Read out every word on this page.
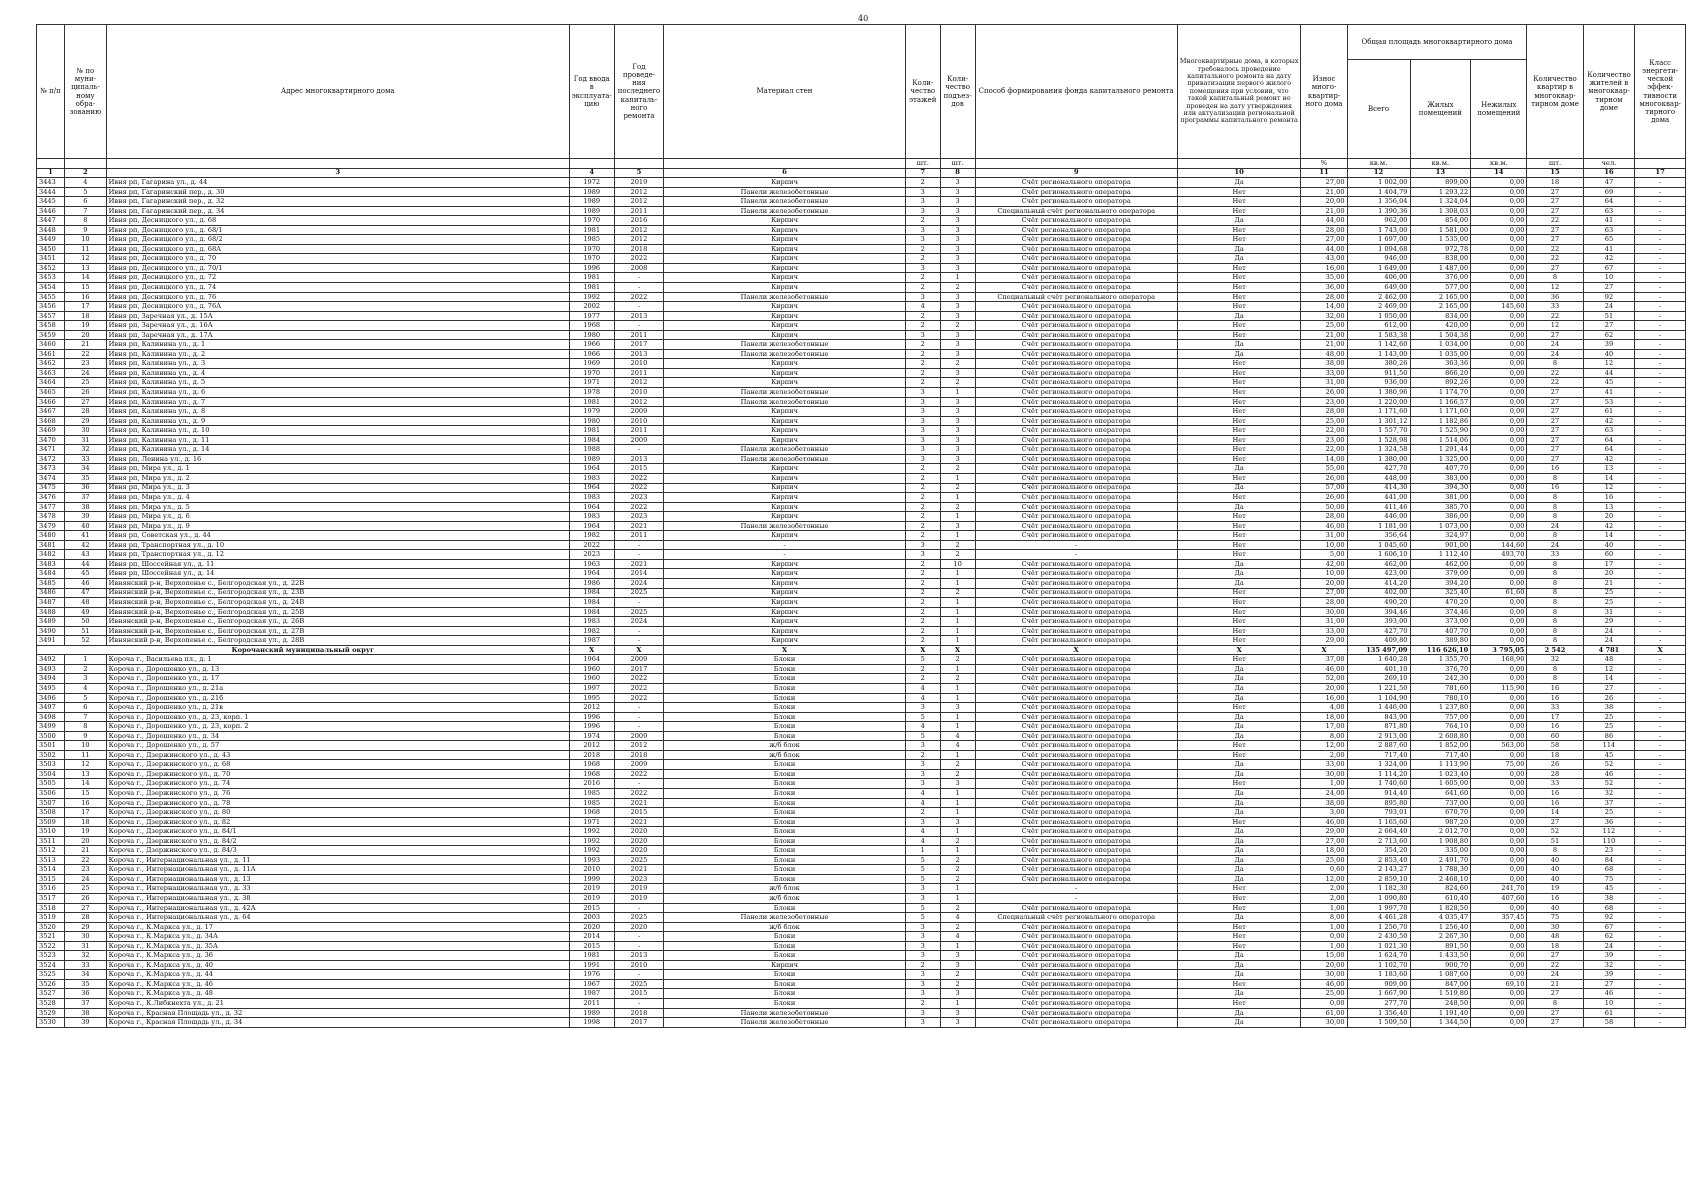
40
№ п/п	№ по муни-ципаль-ному обра-зованию	Адрес многоквартирного дома	Год ввода в эксплуата-цию	Год проведе-ния последнего капиталь-ного ремонта	Материал стен	Коли-чество этажей	Коли-чество подъез-дов	Способ формирования фонда капитального ремонта	Многоквартирные дома, в которых требовалось проведение капитального ремонта на дату приватизации первого жилого помещения при условии, что такой капитальный ремонт не проведен на дату утверждения или актуализации региональной программы капитального ремонта	Износ много-квартир-ного дома	Общая площадь многоквартирного дома			Количество квартир в многоквар-тирном доме	Количество жителей в многоквар-тирном доме	Класс энергети-ческой эффек-тивности многоквар-тирного дома
											Всего	Жилых помещений	Нежилых помещений			
						шт.	шт.			%	кв.м.	кв.м.	кв.м.	шт.	чел.	
1	2	3	4	5	6	7	8	9	10	11	12	13	14	15	16	17
3443	4	Ивня рп, Гагарина ул., д. 44	1972	2019	Кирпич	2	3	Счёт регионального оператора	Да	27,00	1 002,00	899,00	0,00	18	47	-
3444	5	Ивня рп, Гагаринский пер., д. 30	1989	2012	Панели железобетонные	3	3	Счёт регионального оператора	Нет	21,00	1 404,79	1 293,22	0,00	27	69	-
3445	6	Ивня рп, Гагаринский пер., д. 32	1989	2012	Панели железобетонные	3	3	Счёт регионального оператора	Нет	20,00	1 356,04	1 324,04	0,00	27	64	-
3446	7	Ивня рп, Гагаринский пер., д. 34	1989	2011	Панели железобетонные	3	3	Специальный счёт регионального оператора	Нет	21,00	1 390,36	1 308,03	0,00	27	63	-
3447	8	Ивня рп, Десницкого ул., д. 68	1970	2016	Кирпич	2	3	Счёт регионального оператора	Да	44,00	962,00	854,00	0,00	22	41	-
3448	9	Ивня рп, Десницкого ул., д. 68/1	1981	2012	Кирпич	3	3	Счёт регионального оператора	Нет	28,00	1 743,00	1 581,00	0,00	27	63	-
3449	10	Ивня рп, Десницкого ул., д. 68/2	1985	2012	Кирпич	3	3	Счёт регионального оператора	Нет	27,00	1 697,00	1 535,00	0,00	27	65	-
3450	11	Ивня рп, Десницкого ул., д. 68А	1970	2018	Кирпич	2	3	Счёт регионального оператора	Да	44,00	1 094,68	972,78	0,00	22	41	-
3451	12	Ивня рп, Десницкого ул., д. 70	1970	2022	Кирпич	2	3	Счёт регионального оператора	Да	43,00	946,00	838,00	0,00	22	42	-
3452	13	Ивня рп, Десницкого ул., д. 70/1	1996	2008	Кирпич	3	3	Счёт регионального оператора	Нет	16,00	1 649,00	1 487,00	0,00	27	67	-
3453	14	Ивня рп, Десницкого ул., д. 72	1981	-	Кирпич	2	1	Счёт регионального оператора	Нет	35,00	406,00	376,00	0,00	8	10	-
3454	15	Ивня рп, Десницкого ул., д. 74	1981	-	Кирпич	2	2	Счёт регионального оператора	Нет	36,00	649,00	577,00	0,00	12	27	-
3455	16	Ивня рп, Десницкого ул., д. 76	1992	2022	Панели железобетонные	3	3	Специальный счёт регионального оператора	Нет	28,00	2 462,00	2 165,00	0,00	36	92	-
3456	17	Ивня рп, Десницкого ул., д. 76А	2002	-	Кирпич	4	3	Счёт регионального оператора	Нет	14,00	2 469,00	2 165,00	145,60	33	24	-
3457	18	Ивня рп, Заречная ул., д. 15А	1977	2013	Кирпич	2	3	Счёт регионального оператора	Да	32,00	1 050,00	834,00	0,00	22	51	-
3458	19	Ивня рп, Заречная ул., д. 16А	1968	-	Кирпич	2	2	Счёт регионального оператора	Нет	25,00	612,00	420,00	0,00	12	27	-
3459	20	Ивня рп, Заречная ул., д. 17А	1980	2011	Кирпич	3	3	Счёт регионального оператора	Нет	21,00	1 583,38	1 504,38	0,00	27	62	-
3460	21	Ивня рп, Калинина ул., д. 1	1966	2017	Панели железобетонные	2	3	Счёт регионального оператора	Да	21,00	1 142,60	1 034,00	0,00	24	39	-
3461	22	Ивня рп, Калинина ул., д. 2	1966	2013	Панели железобетонные	2	3	Счёт регионального оператора	Да	48,00	1 143,00	1 035,00	0,00	24	40	-
3462	23	Ивня рп, Калинина ул., д. 3	1969	2010	Кирпич	2	2	Счёт регионального оператора	Нет	38,00	380,26	363,36	0,00	8	12	-
3463	24	Ивня рп, Калинина ул., д. 4	1970	2011	Кирпич	2	3	Счёт регионального оператора	Нет	33,00	911,50	866,20	0,00	22	44	-
3464	25	Ивня рп, Калинина ул., д. 5	1971	2012	Кирпич	2	2	Счёт регионального оператора	Нет	31,00	936,00	892,26	0,00	22	45	-
3465	26	Ивня рп, Калинина ул., д. 6	1978	2010	Панели железобетонные	3	1	Счёт регионального оператора	Нет	26,00	1 380,96	1 174,70	0,00	27	41	-
3466	27	Ивня рп, Калинина ул., д. 7	1981	2012	Панели железобетонные	3	3	Счёт регионального оператора	Нет	23,00	1 220,00	1 166,57	0,00	27	53	-
3467	28	Ивня рп, Калинина ул., д. 8	1979	2009	Кирпич	3	3	Счёт регионального оператора	Нет	28,00	1 171,60	1 171,60	0,00	27	61	-
3468	29	Ивня рп, Калинина ул., д. 9	1980	2010	Кирпич	3	3	Счёт регионального оператора	Нет	25,00	1 301,12	1 182,86	0,00	27	42	-
3469	30	Ивня рп, Калинина ул., д. 10	1981	2011	Кирпич	3	3	Счёт регионального оператора	Нет	22,00	1 557,70	1 525,90	0,00	27	63	-
3470	31	Ивня рп, Калинина ул., д. 11	1984	2009	Кирпич	3	3	Счёт регионального оператора	Нет	23,00	1 528,98	1 514,06	0,00	27	64	-
3471	32	Ивня рп, Калинина ул., д. 14	1988	-	Панели железобетонные	3	3	Счёт регионального оператора	Нет	22,00	1 324,58	1 291,44	0,00	27	64	-
3472	33	Ивня рп, Ленина ул., д. 16	1989	2013	Панели железобетонные	3	3	Счёт регионального оператора	Нет	14,00	1 380,00	1 325,00	0,00	27	42	-
3473	34	Ивня рп, Мира ул., д. 1	1964	2015	Кирпич	2	2	Счёт регионального оператора	Да	55,00	427,70	407,70	0,00	16	13	-
3474	35	Ивня рп, Мира ул., д. 2	1983	2022	Кирпич	2	1	Счёт регионального оператора	Нет	26,00	448,00	383,00	0,00	8	14	-
3475	36	Ивня рп, Мира ул., д. 3	1964	2022	Кирпич	2	2	Счёт регионального оператора	Да	57,00	414,30	394,30	0,00	16	12	-
3476	37	Ивня рп, Мира ул., д. 4	1983	2023	Кирпич	2	1	Счёт регионального оператора	Нет	26,00	441,00	381,00	0,00	8	16	-
3477	38	Ивня рп, Мира ул., д. 5	1964	2022	Кирпич	2	2	Счёт регионального оператора	Да	50,00	411,46	385,70	0,00	8	13	-
3478	39	Ивня рп, Мира ул., д. 6	1983	2023	Кирпич	2	1	Счёт регионального оператора	Нет	28,00	446,00	386,00	0,00	8	20	-
3479	40	Ивня рп, Мира ул., д. 9	1964	2021	Панели железобетонные	2	3	Счёт регионального оператора	Нет	46,00	1 181,00	1 073,00	0,00	24	42	-
3480	41	Ивня рп, Советская ул., д. 44	1982	2011	Кирпич	2	1	Счёт регионального оператора	Нет	31,00	356,64	324,97	0,00	8	14	-
3481	42	Ивня рп, Транспортная ул., д. 10	2022	-	-	3	2	-	Нет	10,00	1 045,60	901,00	144,60	24	40	-
3482	43	Ивня рп, Транспортная ул., д. 12	2023	-	-	3	2	-	Нет	5,00	1 606,10	1 112,40	493,70	33	60	-
3483	44	Ивня рп, Шоссейная ул., д. 11	1963	2021	Кирпич	2	10	Счёт регионального оператора	Да	42,00	462,00	462,00	0,00	8	17	-
3484	45	Ивня рп, Шоссейная ул., д. 14	1964	2014	Кирпич	2	1	Счёт регионального оператора	Да	10,00	423,00	379,00	0,00	8	20	-
3485	46	Ивнянский р-н, Верхопенье с., Белгородская ул., д. 22В	1986	2024	Кирпич	2	1	Счёт регионального оператора	Да	20,00	414,20	394,20	0,00	8	21	-
3486	47	Ивнянский р-н, Верхопенье с., Белгородская ул., д. 23В	1984	2025	Кирпич	2	2	Счёт регионального оператора	Нет	27,00	402,00	325,40	61,60	8	25	-
3487	48	Ивнянский р-н, Верхопенье с., Белгородская ул., д. 24В	1984	-	Кирпич	2	1	Счёт регионального оператора	Нет	28,00	490,20	470,20	0,00	8	25	-
3488	49	Ивнянский р-н, Верхопенье с., Белгородская ул., д. 25В	1984	2025	Кирпич	2	1	Счёт регионального оператора	Нет	30,00	394,46	374,46	0,00	8	31	-
3489	50	Ивнянский р-н, Верхопенье с., Белгородская ул., д. 26В	1983	2024	Кирпич	2	1	Счёт регионального оператора	Нет	31,00	393,00	373,00	0,00	8	29	-
3490	51	Ивнянский р-н, Верхопенье с., Белгородская ул., д. 27В	1982	-	Кирпич	2	1	Счёт регионального оператора	Нет	33,00	427,70	407,70	0,00	8	24	-
3491	52	Ивнянский р-н, Верхопенье с., Белгородская ул., д. 28В	1987	-	Кирпич	2	1	Счёт регионального оператора	Нет	29,00	409,80	389,80	0,00	8	24	-
Корочанский муниципальный округ			X	X	X	X	X	X	X	X	135 497,09	116 626,10	3 795,05	2 542	4 781	X
3492	1	Короча г., Васильева пл., д. 1	1964	2009	Блоки	5	2	Счёт регионального оператора	Нет	37,00	1 640,28	1 355,70	168,90	32	48	-
3493	2	Короча г., Дорошенко ул., д. 13	1960	2017	Блоки	2	1	Счёт регионального оператора	Да	46,00	401,10	376,70	0,00	8	12	-
3494	3	Короча г., Дорошенко ул., д. 17	1960	2022	Блоки	2	2	Счёт регионального оператора	Да	52,00	269,10	242,30	0,00	8	14	-
3495	4	Короча г., Дорошенко ул., д. 21а	1997	2022	Блоки	4	1	Счёт регионального оператора	Да	20,00	1 221,50	781,60	115,90	16	27	-
3496	5	Короча г., Дорошенко ул., д. 21б	1995	2022	Блоки	4	1	Счёт регионального оператора	Да	16,00	1 104,90	780,10	0,00	16	26	-
3497	6	Короча г., Дорошенко ул., д. 21в	2012	-	Блоки	3	3	Счёт регионального оператора	Нет	4,00	1 446,00	1 237,80	0,00	33	38	-
3498	7	Короча г., Дорошенко ул., д. 23, корп. 1	1996	-	Блоки	5	1	Счёт регионального оператора	Да	18,00	843,90	757,00	0,00	17	25	-
3499	8	Короча г., Дорошенко ул., д. 23, корп. 2	1996	-	Блоки	4	1	Счёт регионального оператора	Да	17,00	871,80	764,10	0,00	16	25	-
3500	9	Короча г., Дорошенко ул., д. 34	1974	2009	Блоки	5	4	Счёт регионального оператора	Да	8,00	2 913,00	2 608,80	0,00	60	86	-
3501	10	Короча г., Дорошенко ул., д. 57	2012	2012	ж/б блок	3	4	Счёт регионального оператора	Нет	12,00	2 887,60	1 852,00	563,00	58	114	-
3502	11	Короча г., Дзержинского ул., д. 43	2018	2018	ж/б блок	2	1	Счёт регионального оператора	Нет	2,00	717,40	717,40	0,00	18	45	-
3503	12	Короча г., Дзержинского ул., д. 68	1968	2009	Блоки	3	2	Счёт регионального оператора	Да	33,00	1 324,00	1 113,90	75,00	26	52	-
3504	13	Короча г., Дзержинского ул., д. 70	1968	2022	Блоки	3	2	Счёт регионального оператора	Да	30,00	1 114,20	1 023,40	0,00	28	46	-
3505	14	Короча г., Дзержинского ул., д. 74	2016	-	Блоки	3	3	Счёт регионального оператора	Нет	1,00	1 740,60	1 605,00	0,00	33	52	-
3506	15	Короча г., Дзержинского ул., д. 76	1985	2022	Блоки	4	1	Счёт регионального оператора	Да	24,00	914,40	641,60	0,00	16	32	-
3507	16	Короча г., Дзержинского ул., д. 78	1985	2021	Блоки	4	1	Счёт регионального оператора	Да	38,00	895,80	737,00	0,00	16	37	-
3508	17	Короча г., Дзержинского ул., д. 80	1968	2015	Блоки	2	1	Счёт регионального оператора	Да	3,00	793,01	670,70	0,00	14	25	-
3509	18	Короча г., Дзержинского ул., д. 82	1971	2021	Блоки	3	3	Счёт регионального оператора	Нет	46,00	1 165,60	987,20	0,00	27	36	-
3510	19	Короча г., Дзержинского ул., д. 84/1	1992	2020	Блоки	4	1	Счёт регионального оператора	Да	29,00	2 664,40	2 012,70	0,00	52	112	-
3511	20	Короча г., Дзержинского ул., д. 84/2	1992	2020	Блоки	4	2	Счёт регионального оператора	Да	27,00	2 713,60	1 908,80	0,00	51	110	-
3512	21	Короча г., Дзержинского ул., д. 84/3	1992	2020	Блоки	1	1	Счёт регионального оператора	Да	18,00	354,20	335,00	0,00	8	23	-
3513	22	Короча г., Интернациональная ул., д. 11	1993	2025	Блоки	5	2	Счёт регионального оператора	Да	25,00	2 853,40	2 491,70	0,00	40	84	-
3514	23	Короча г., Интернациональная ул., д. 11А	2010	2021	Блоки	5	2	Счёт регионального оператора	Да	0,60	2 143,27	1 788,30	0,00	40	68	-
3515	24	Короча г., Интернациональная ул., д. 13	1999	2023	Блоки	5	2	Счёт регионального оператора	Да	12,00	2 859,10	2 468,10	0,00	40	75	-
3516	25	Короча г., Интернациональная ул., д. 33	2019	2019	ж/б блок	3	1	-	Нет	2,00	1 182,30	824,60	241,70	19	45	-
3517	26	Короча г., Интернациональная ул., д. 38	2019	2019	ж/б блок	3	1	-	Нет	2,00	1 090,80	610,40	407,60	16	38	-
3518	27	Короча г., Интернациональная ул., д. 42А	2015	-	Блоки	5	2	Счёт регионального оператора	Нет	1,00	1 997,70	1 828,50	0,00	40	68	-
3519	28	Короча г., Интернациональная ул., д. 64	2003	2025	Панели железобетонные	5	4	Специальный счёт регионального оператора	Да	8,00	4 461,28	4 035,47	357,45	75	92	-
3520	29	Короча г., К.Маркса ул., д. 17	2020	2020	ж/б блок	3	2	Счёт регионального оператора	Нет	1,00	1 256,70	1 256,40	0,00	30	67	-
3521	30	Короча г., К.Маркса ул., д. 34А	2014	-	Блоки	3	4	Счёт регионального оператора	Нет	0,00	2 430,50	2 267,30	0,00	48	62	-
3522	31	Короча г., К.Маркса ул., д. 35А	2015	-	Блоки	3	1	Счёт регионального оператора	Нет	1,00	1 021,30	891,50	0,00	18	24	-
3523	32	Короча г., К.Маркса ул., д. 36	1981	2013	Блоки	3	3	Счёт регионального оператора	Да	15,00	1 624,70	1 433,50	0,00	27	39	-
3524	33	Короча г., К.Маркса ул., д. 40	1991	2010	Кирпич	2	3	Счёт регионального оператора	Да	20,00	1 102,70	900,70	0,00	22	32	-
3525	34	Короча г., К.Маркса ул., д. 44	1976	-	Блоки	3	2	Счёт регионального оператора	Да	30,00	1 183,60	1 087,60	0,00	24	39	-
3526	35	Короча г., К.Маркса ул., д. 46	1967	2025	Блоки	3	2	Счёт регионального оператора	Нет	46,00	909,00	847,00	69,10	21	27	-
3527	36	Короча г., К.Маркса ул., д. 48	1987	2015	Блоки	3	3	Счёт регионального оператора	Да	25,00	1 667,90	1 519,80	0,00	27	46	-
3528	37	Короча г., К.Либкнехта ул., д. 21	2011	-	Блоки	2	1	Счёт регионального оператора	Нет	0,00	277,70	248,50	0,00	8	10	-
3529	38	Короча г., Красная Площадь ул., д. 32	1989	2018	Панели железобетонные	3	3	Счёт регионального оператора	Да	61,00	1 356,40	1 191,40	0,00	27	61	-
3530	39	Короча г., Красная Площадь ул., д. 34	1998	2017	Панели железобетонные	3	3	Счёт регионального оператора	Да	30,00	1 509,50	1 344,50	0,00	27	58	-
